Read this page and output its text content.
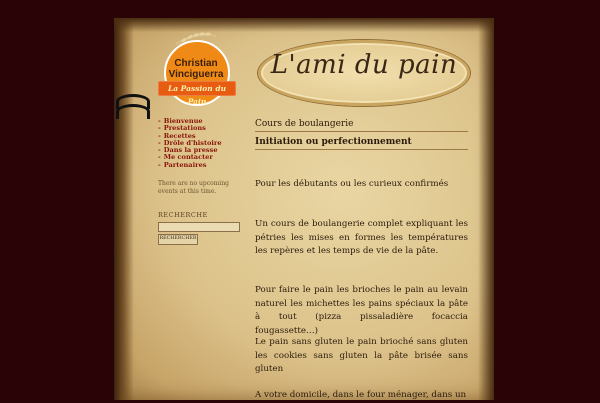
Christian
Vinciguerra
La Passion du Pain
L'ami du pain
- Bienvenue
- Prestations
- Recettes
- Drôle d'histoire
- Dans la presse
- Me contacter
- Partenaires
There are no upcoming events at this time.
RECHERCHE
RECHERCHER
Cours de boulangerie
Initiation ou perfectionnement
Pour les débutants ou les curieux confirmés
Un cours de boulangerie complet expliquant les pétries les mises en formes les températures les repères et les temps de vie de la pâte.
Pour faire le pain les brioches le pain au levain naturel les michettes les pains spéciaux la pâte à tout (pizza pissaladière focaccia fougassette…)
Le pain sans gluten le pain brioché sans gluten les cookies sans gluten la pâte brisée sans gluten
A votre domicile, dans le four ménager, dans un
